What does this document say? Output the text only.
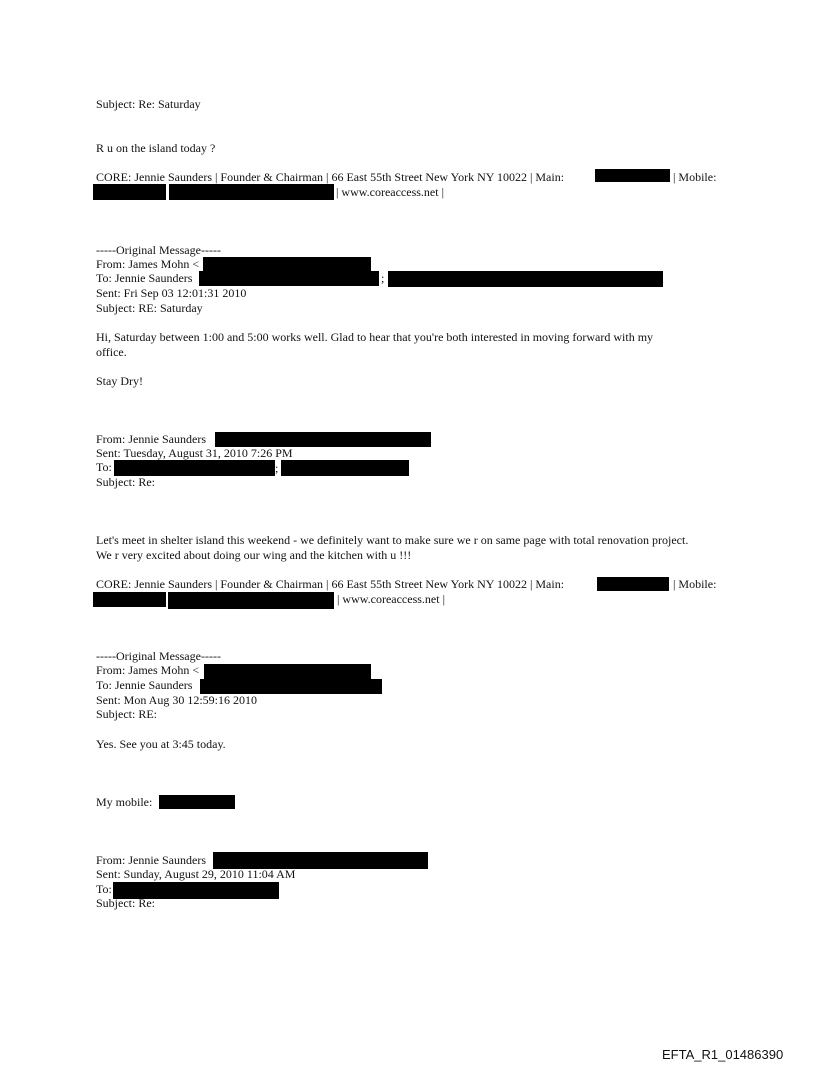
Subject: Re: Saturday
R u on the island today ?
CORE: Jennie Saunders | Founder & Chairman | 66 East 55th Street New York NY 10022 | Main:	| Mobile:
| www.coreaccess.net |
-----Original Message-----
From: James Mohn <
To: Jennie Saunders	;
Sent: Fri Sep 03 12:01:31 2010
Subject: RE: Saturday
Hi, Saturday between 1:00 and 5:00 works well. Glad to hear that you're both interested in moving forward with my
office.
Stay Dry!
From: Jennie Saunders
Sent: Tuesday, August 31, 2010 7:26 PM
To:	;
Subject: Re:
Let's meet in shelter island this weekend - we definitely want to make sure we r on same page with total renovation project.
We r very excited about doing our wing and the kitchen with u !!!
CORE: Jennie Saunders | Founder & Chairman | 66 East 55th Street New York NY 10022 | Main:	| Mobile:
| www.coreaccess.net |
-----Original Message-----
From: James Mohn <
To: Jennie Saunders
Sent: Mon Aug 30 12:59:16 2010
Subject: RE:
Yes. See you at 3:45 today.
My mobile:
From: Jennie Saunders
Sent: Sunday, August 29, 2010 11:04 AM
To:
Subject: Re:
EFTA_R1_01486390
